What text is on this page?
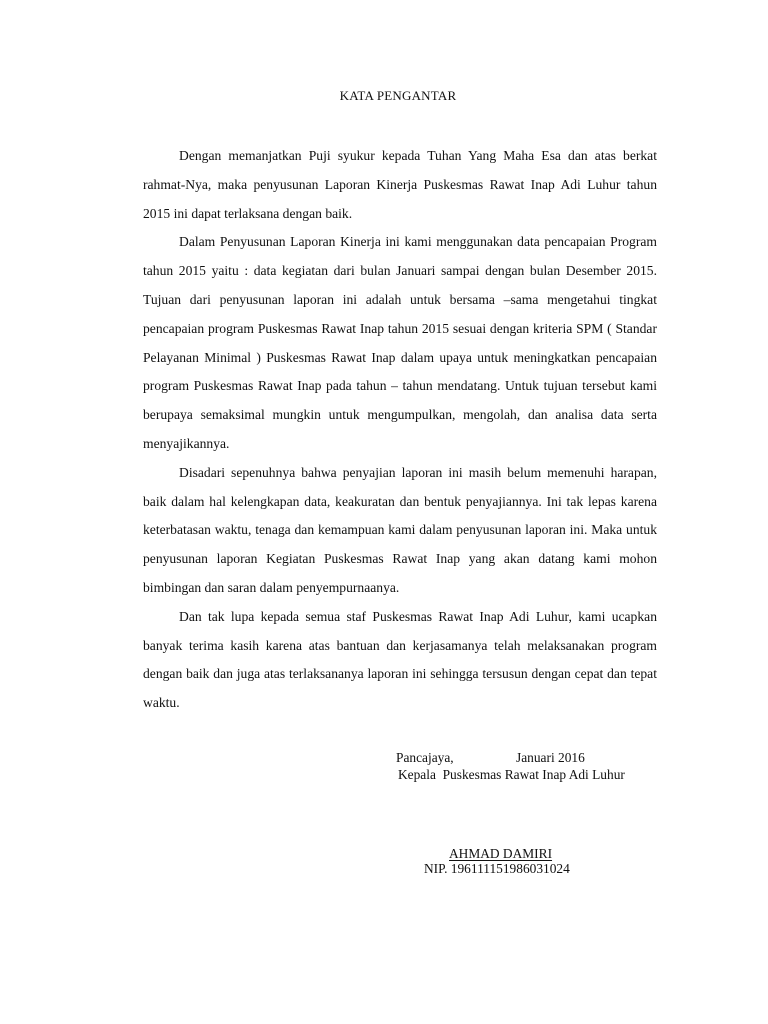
KATA PENGANTAR

Dengan memanjatkan Puji syukur kepada Tuhan Yang Maha Esa dan atas berkat rahmat-Nya, maka penyusunan Laporan Kinerja Puskesmas Rawat Inap Adi Luhur tahun 2015 ini dapat terlaksana dengan baik.

Dalam Penyusunan Laporan Kinerja ini kami menggunakan data pencapaian Program tahun 2015 yaitu : data kegiatan dari bulan Januari sampai dengan bulan Desember 2015. Tujuan dari penyusunan laporan ini adalah untuk bersama –sama mengetahui tingkat pencapaian program Puskesmas Rawat Inap tahun 2015 sesuai dengan kriteria SPM ( Standar Pelayanan Minimal ) Puskesmas Rawat Inap dalam upaya untuk meningkatkan pencapaian program Puskesmas Rawat Inap pada tahun – tahun mendatang. Untuk tujuan tersebut kami berupaya semaksimal mungkin untuk mengumpulkan, mengolah, dan analisa data serta menyajikannya.

Disadari sepenuhnya bahwa penyajian laporan ini masih belum memenuhi harapan, baik dalam hal kelengkapan data, keakuratan dan bentuk penyajiannya. Ini tak lepas karena keterbatasan waktu, tenaga dan kemampuan kami dalam penyusunan laporan ini. Maka untuk penyusunan laporan Kegiatan Puskesmas Rawat Inap yang akan datang kami mohon bimbingan dan saran dalam penyempurnaanya.

Dan tak lupa kepada semua staf Puskesmas Rawat Inap Adi Luhur, kami ucapkan banyak terima kasih karena atas bantuan dan kerjasamanya telah melaksanakan program dengan baik dan juga atas terlaksananya laporan ini sehingga tersusun dengan cepat dan tepat waktu.

Pancajaya,	Januari 2016
Kepala  Puskesmas Rawat Inap Adi Luhur
AHMAD DAMIRI
NIP. 196111151986031024
